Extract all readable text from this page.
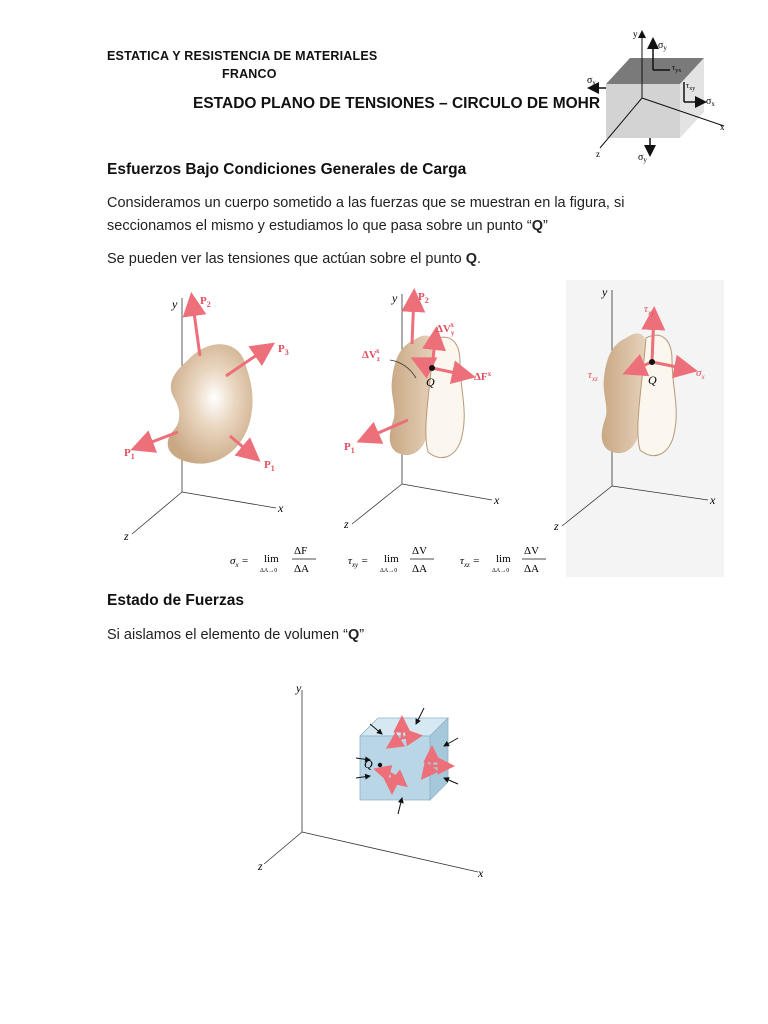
ESTATICA Y RESISTENCIA DE MATERIALES
FRANCO
ESTADO PLANO DE TENSIONES – CIRCULO DE MOHR
y
$\sigma_y$
$\tau_{yx}$
$\tau_{xy}$
$\sigma_x$
$\sigma_x$
x
z	$\sigma_y$
Esfuerzos Bajo Condiciones Generales de Carga
Consideramos un cuerpo sometido a las fuerzas que se muestran en la figura, si
seccionamos el mismo y estudiamos lo que pasa sobre un punto “Q”
Se pueden ver las tensiones que actúan sobre el punto Q.
y
x
z
$P_2$
$P_3$
$P_1$
$P_1$
y
x
z
$P_2$
$P_1$
$\Delta V_yx$
$\Delta V_zx$
$\Delta F^x$
Q
y
x
z
$\tau_{xy}$
$\sigma_x$
$\tau_{xz}$	Q
$\sigma_x = \lim$
ΔA→0
ΔF
ΔA
$\tau_{xy} = \lim$
ΔA→0
ΔV
ΔA
$\tau_{xz} = \lim$
ΔA→0
ΔV
ΔA
Estado de Fuerzas
Si aislamos el elemento de volumen “Q”
y
x
z
Q
